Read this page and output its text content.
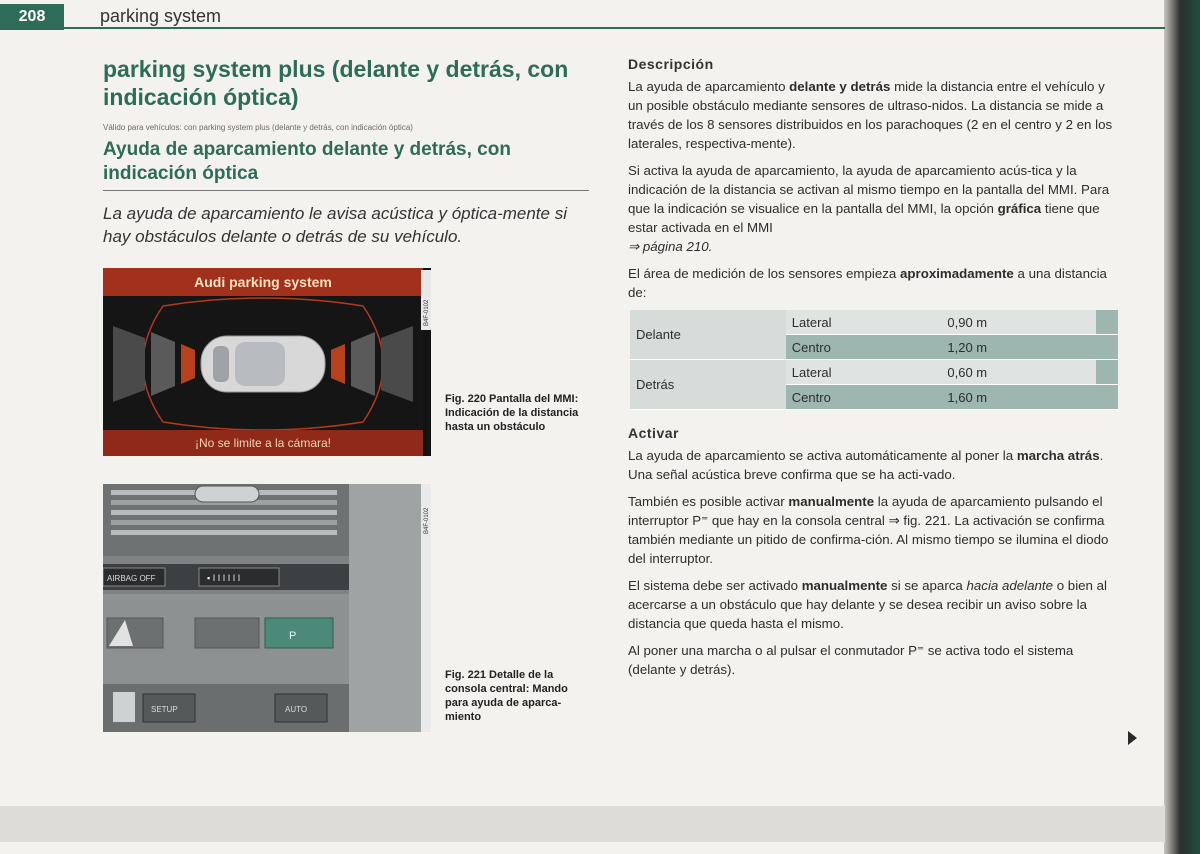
208	parking system
parking system plus (delante y detrás, con indicación óptica)
Válido para vehículos: con parking system plus (delante y detrás, con indicación óptica)
Ayuda de aparcamiento delante y detrás, con indicación óptica
La ayuda de aparcamiento le avisa acústica y óptica-mente si hay obstáculos delante o detrás de su vehículo.
Audi parking system
¡No se limite a la cámara!
B4F-0102
Fig. 220 Pantalla del MMI: Indicación de la distancia hasta un obstáculo
AIRBAG OFF	▪ I I I I I I
P
SETUP	AUTO
B4F-0102
Fig. 221 Detalle de la consola central: Mando para ayuda de aparca-miento
Descripción

La ayuda de aparcamiento delante y detrás mide la distancia entre el vehículo y un posible obstáculo mediante sensores de ultraso-nidos. La distancia se mide a través de los 8 sensores distribuidos en los parachoques (2 en el centro y 2 en los laterales, respectiva-mente).

Si activa la ayuda de aparcamiento, la ayuda de aparcamiento acús-tica y la indicación de la distancia se activan al mismo tiempo en la pantalla del MMI. Para que la indicación se visualice en la pantalla del MMI, la opción gráfica tiene que estar activada en el MMI
⇒ página 210.

El área de medición de los sensores empieza aproximadamente a una distancia de:

Delante	Lateral	0,90 m	
	Centro	1,20 m	
Detrás	Lateral	0,60 m	
	Centro	1,60 m	
Activar

La ayuda de aparcamiento se activa automáticamente al poner la marcha atrás. Una señal acústica breve confirma que se ha acti-vado.

También es posible activar manualmente la ayuda de aparcamiento pulsando el interruptor P⁼ que hay en la consola central ⇒ fig. 221. La activación se confirma también mediante un pitido de confirma-ción. Al mismo tiempo se ilumina el diodo del interruptor.

El sistema debe ser activado manualmente si se aparca hacia adelante o bien al acercarse a un obstáculo que hay delante y se desea recibir un aviso sobre la distancia que queda hasta el mismo.

Al poner una marcha o al pulsar el conmutador P⁼ se activa todo el sistema (delante y detrás).
